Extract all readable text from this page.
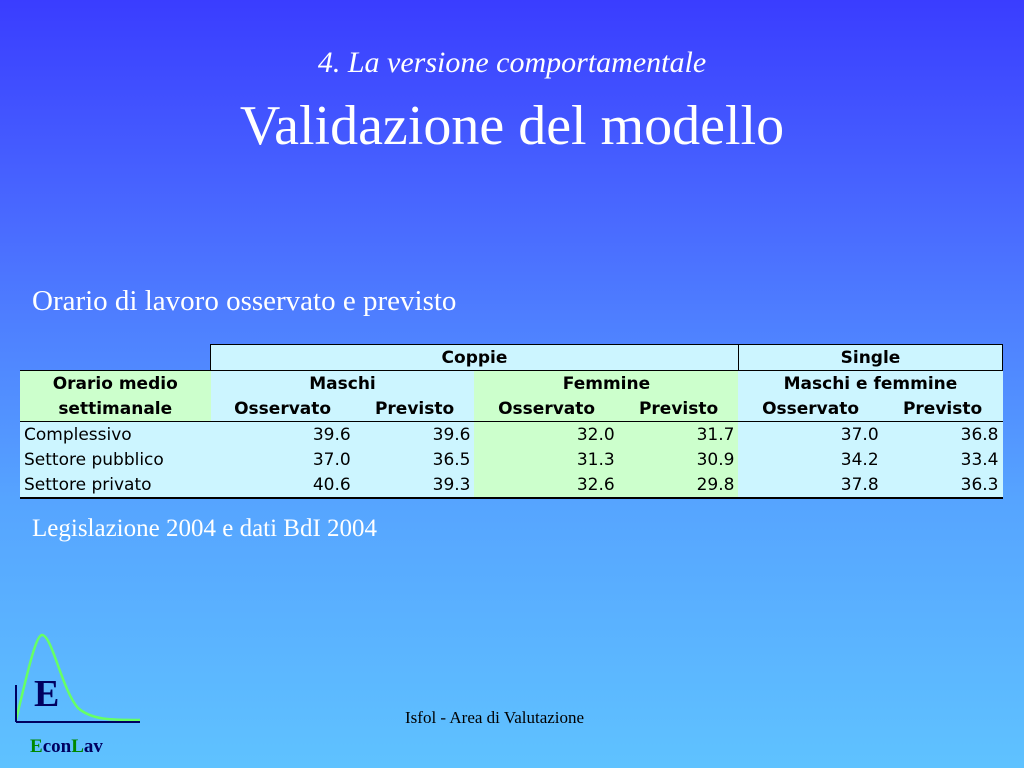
4. La versione comportamentale
Validazione del modello
Orario di lavoro osservato e previsto
	Coppie				Single	
Orario medio	Maschi		Femmine		Maschi e femmine	
settimanale	Osservato	Previsto	Osservato	Previsto	Osservato	Previsto
Complessivo	39.6	39.6	32.0	31.7	37.0	36.8
Settore pubblico	37.0	36.5	31.3	30.9	34.2	33.4
Settore privato	40.6	39.3	32.6	29.8	37.8	36.3
Legislazione 2004 e dati BdI 2004
E
EconLav
Isfol - Area di Valutazione
